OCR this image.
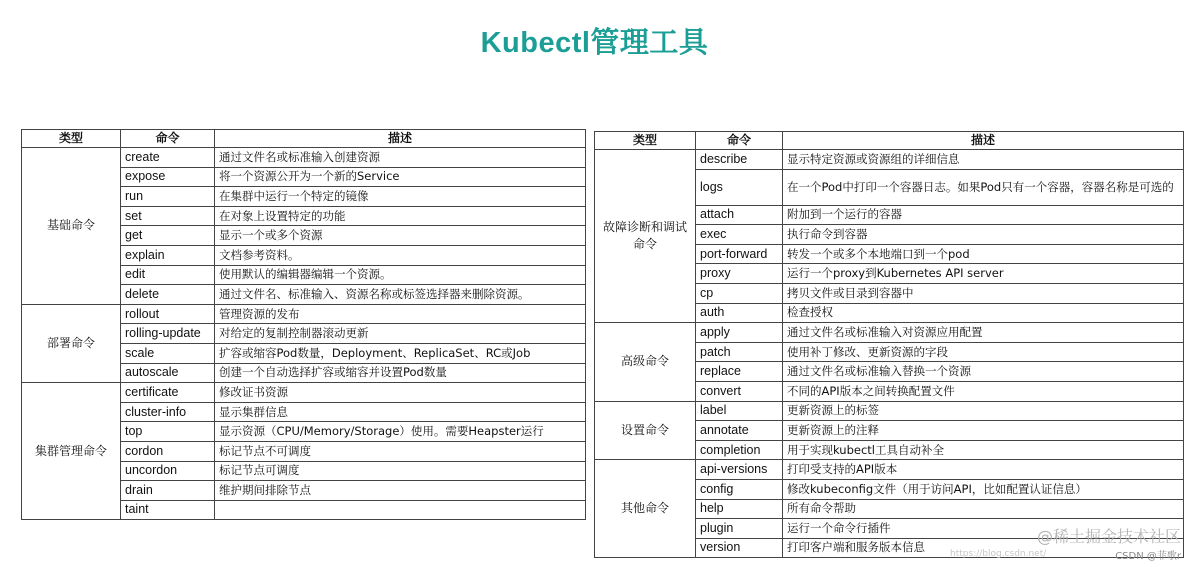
Kubectl管理工具
类型	命令	描述
基础命令	create	通过文件名或标准输入创建资源
	expose	将一个资源公开为一个新的Service
	run	在集群中运行一个特定的镜像
	set	在对象上设置特定的功能
	get	显示一个或多个资源
	explain	文档参考资料。
	edit	使用默认的编辑器编辑一个资源。
	delete	通过文件名、标准输入、资源名称或标签选择器来删除资源。
部署命令	rollout	管理资源的发布
	rolling-update	对给定的复制控制器滚动更新
	scale	扩容或缩容Pod数量，Deployment、ReplicaSet、RC或Job
	autoscale	创建一个自动选择扩容或缩容并设置Pod数量
集群管理命令	certificate	修改证书资源
	cluster-info	显示集群信息
	top	显示资源（CPU/Memory/Storage）使用。需要Heapster运行
	cordon	标记节点不可调度
	uncordon	标记节点可调度
	drain	维护期间排除节点
	taint	
类型	命令	描述
故障诊断和调试命令	describe	显示特定资源或资源组的详细信息
	logs	在一个Pod中打印一个容器日志。如果Pod只有一个容器，容器名称是可选的
	attach	附加到一个运行的容器
	exec	执行命令到容器
	port-forward	转发一个或多个本地端口到一个pod
	proxy	运行一个proxy到Kubernetes API server
	cp	拷贝文件或目录到容器中
	auth	检查授权
高级命令	apply	通过文件名或标准输入对资源应用配置
	patch	使用补丁修改、更新资源的字段
	replace	通过文件名或标准输入替换一个资源
	convert	不同的API版本之间转换配置文件
设置命令	label	更新资源上的标签
	annotate	更新资源上的注释
	completion	用于实现kubectl工具自动补全
其他命令	api-versions	打印受支持的API版本
	config	修改kubeconfig文件（用于访问API，比如配置认证信息）
	help	所有命令帮助
	plugin	运行一个命令行插件
	version	打印客户端和服务版本信息	https://blog.csdn.net/
@稀土掘金技术社区
CSDN @菲歌r
